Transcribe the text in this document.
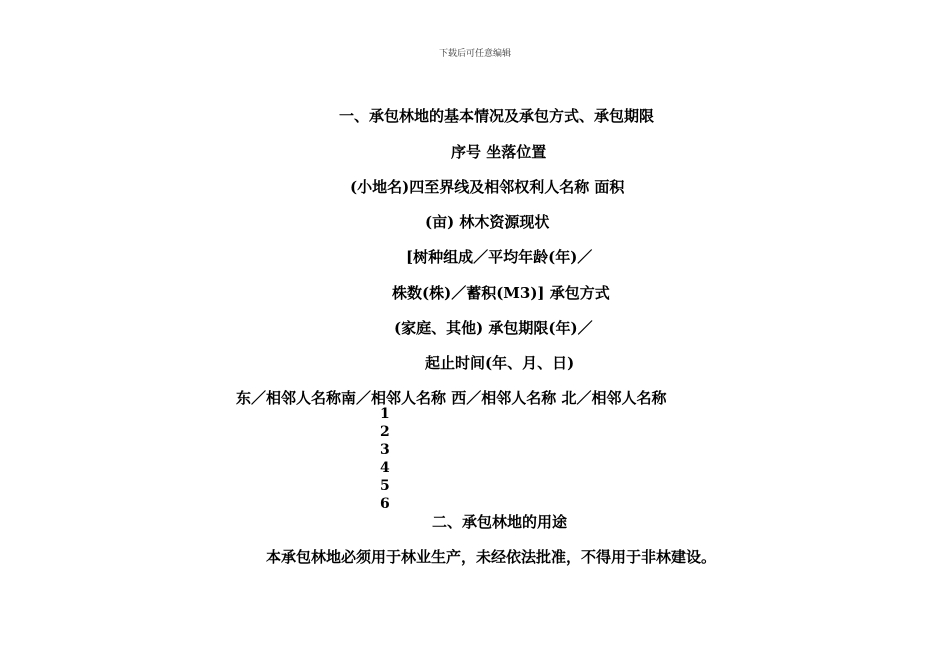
下载后可任意编辑
一、承包林地的基本情况及承包方式、承包期限
序号 坐落位置
(小地名)四至界线及相邻权利人名称 面积
(亩) 林木资源现状
[树种组成／平均年龄(年)／
株数(株)／蓄积(M3)] 承包方式
(家庭、其他) 承包期限(年)／
起止时间(年、月、日)
东／相邻人名称南／相邻人名称 西／相邻人名称 北／相邻人名称
1
2
3
4
5
6
二、承包林地的用途
本承包林地必须用于林业生产，未经依法批准，不得用于非林建设。
